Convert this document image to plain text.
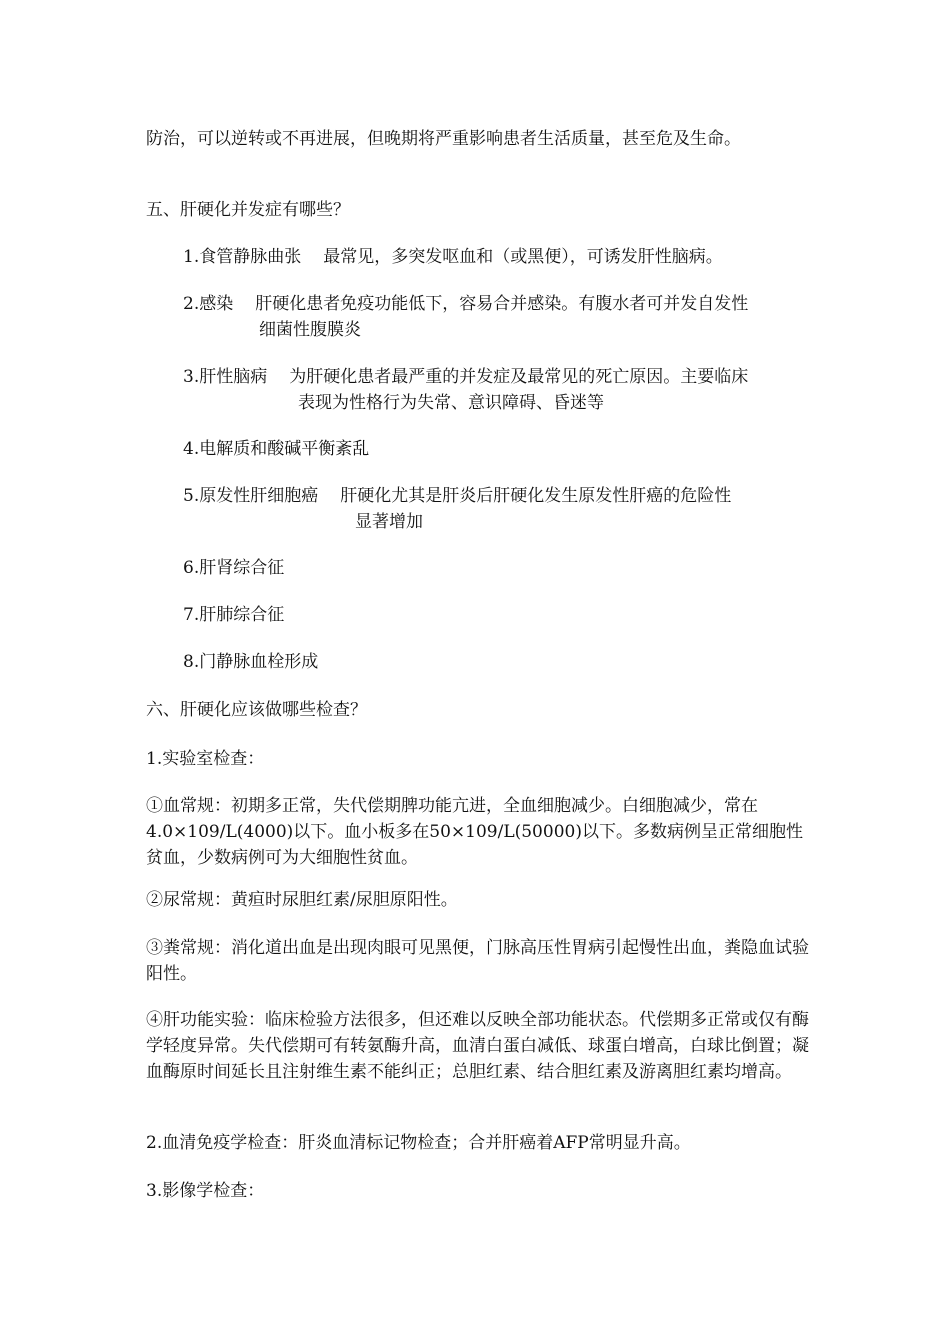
防治，可以逆转或不再进展，但晚期将严重影响患者生活质量，甚至危及生命。

五、肝硬化并发症有哪些？

1.食管静脉曲张 最常见，多突发呕血和（或黑便），可诱发肝性脑病。
2.感染 肝硬化患者免疫功能低下，容易合并感染。有腹水者可并发自发性
细菌性腹膜炎
3.肝性脑病 为肝硬化患者最严重的并发症及最常见的死亡原因。主要临床
表现为性格行为失常、意识障碍、昏迷等
4.电解质和酸碱平衡紊乱
5.原发性肝细胞癌 肝硬化尤其是肝炎后肝硬化发生原发性肝癌的危险性
显著增加
6.肝肾综合征
7.肝肺综合征
8.门静脉血栓形成

六、肝硬化应该做哪些检查？

1.实验室检查：

①血常规：初期多正常，失代偿期脾功能亢进，全血细胞减少。白细胞减少，常在4.0×109/L(4000)以下。血小板多在50×109/L(50000)以下。多数病例呈正常细胞性贫血，少数病例可为大细胞性贫血。

②尿常规：黄疸时尿胆红素/尿胆原阳性。

③粪常规：消化道出血是出现肉眼可见黑便，门脉高压性胃病引起慢性出血，粪隐血试验阳性。

④肝功能实验：临床检验方法很多，但还难以反映全部功能状态。代偿期多正常或仅有酶学轻度异常。失代偿期可有转氨酶升高，血清白蛋白减低、球蛋白增高，白球比倒置；凝血酶原时间延长且注射维生素不能纠正；总胆红素、结合胆红素及游离胆红素均增高。

2.血清免疫学检查：肝炎血清标记物检查；合并肝癌着AFP常明显升高。

3.影像学检查：
